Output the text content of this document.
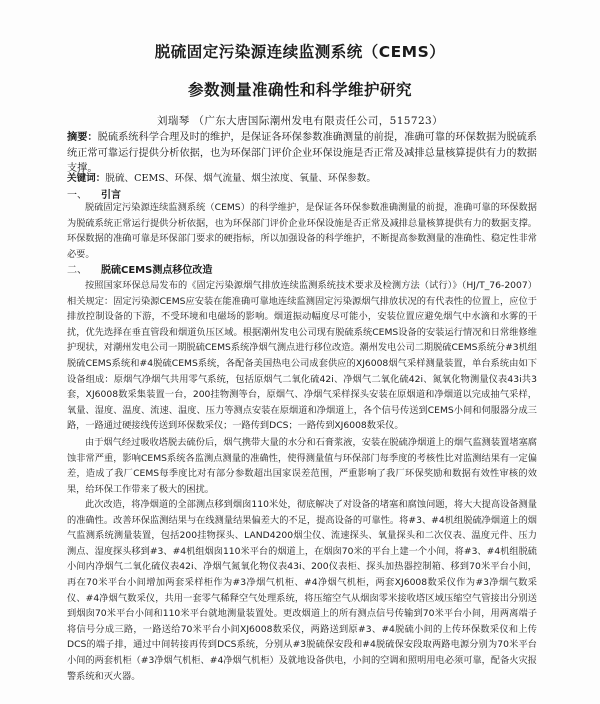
脱硫固定污染源连续监测系统（CEMS）
参数测量准确性和科学维护研究
刘瑞琴 （广东大唐国际潮州发电有限责任公司，515723）
摘要：脱硫系统科学合理及时的维护，是保证各环保参数准确测量的前提，准确可靠的环保数据为脱硫系统正常可靠运行提供分析依据，也为环保部门评价企业环保设施是否正常及减排总量核算提供有力的数据支撑。
关键词：脱硫、CEMS、环保、烟气流量、烟尘浓度、氧量、环保参数。
一、 引言
脱硫固定污染源连续监测系统（CEMS）的科学维护，是保证各环保参数准确测量的前提，准确可靠的环保数据为脱硫系统正常运行提供分析依据，也为环保部门评价企业环保设施是否正常及减排总量核算提供有力的数据支撑。环保数据的准确可靠是环保部门要求的硬指标，所以加强设备的科学维护，不断提高参数测量的准确性、稳定性非常必要。
二、 脱硫CEMS测点移位改造
按照国家环保总局发布的《固定污染源烟气排放连续监测系统技术要求及检测方法（试行）》（HJ/T_76-2007）相关规定：固定污染源CEMS应安装在能准确可靠地连续监测固定污染源烟气排放状况的有代表性的位置上，应位于排放控制设备的下游，不受环境和电磁场的影响。烟道振动幅度尽可能小，安装位置应避免烟气中水滴和水雾的干扰，优先选择在垂直管段和烟道负压区域。根据潮州发电公司现有脱硫系统CEMS设备的安装运行情况和日常维修维护现状，对潮州发电公司一期脱硫CEMS系统净烟气测点进行移位改造。潮州发电公司二期脱硫CEMS系统分#3机组脱硫CEMS系统和#4脱硫CEMS系统，各配备美国热电公司成套供应的XJ6008烟气采样测量装置，单台系统由如下设备组成：原烟气净烟气共用零气系统，包括原烟气二氧化硫42i、净烟气二氧化硫42i、氮氧化物测量仪表43i共3套，XJ6008数采集装置一台，200挂物测等台，原烟气、净烟气采样探头安装在原烟道和净烟道以完成抽气采样，氧量、湿度、温度、流速、温度、压力等测点安装在原烟道和净烟道上，各个信号传送到CEMS小间和伺服器分成三路，一路通过硬接线传送到环保数采仪；一路传到DCS；一路传到XJ6008数采仪。
由于烟气经过吸收塔脱去硫份后，烟气携带大量的水分和石膏浆液，安装在脱硫净烟道上的烟气监测装置堵塞腐蚀非常严重，影响CEMS系统各监测点测量的准确性，使得测量值与环保部门每季度的考核性比对监测结果有一定偏差，造成了我厂CEMS每季度比对有部分参数超出国家误差范围，严重影响了我厂环保奖励和数据有效性审核的效果，给环保工作带来了极大的困扰。
此次改造，将净烟道的全部测点移到烟囱110米处，彻底解决了对设备的堵塞和腐蚀问题，将大大提高设备测量的准确性。改善环保监测结果与在线测量结果偏差大的不足，提高设备的可靠性。将#3、#4机组脱硫净烟道上的烟气监测系统测量装置，包括200挂物探头、LAND4200烟尘仪、流速探头、氧量探头和二次仪表、温度元件、压力测点、湿度探头移到#3、#4机组烟囱110米平台的烟道上，在烟囱70米的平台上建一个小间，将#3、#4机组脱硫小间内净烟气二氧化硫仪表42i、净烟气氮氧化物仪表43i、200仪表柜、探头加热器控制箱、移到70米平台小间，再在70米平台小间增加两套采样柜作为#3净烟气机柜、#4净烟气机柜，两套XJ6008数采仪作为#3净烟气数采仪、#4净烟气数采仪，共用一套零气稀释空气处理系统，将压缩空气从烟囱零米接收塔区域压缩空气管接出分别送到烟囱70米平台小间和110米平台就地测量装置处。更改烟道上的所有测点信号传输到70米平台小间，用两离端子将信号分成三路，一路送给70米平台小间XJ6008数采仪，两路送到原#3、#4脱硫小间的上传环保数采仪和上传DCS的端子排，通过中间转接再传到DCS系统，分别从#3脱硫保安段和#4脱硫保安段取两路电源分别为70米平台小间的两套机柜（#3净烟气机柜、#4净烟气机柜）及就地设备供电，小间的空调和照明用电必须可靠，配备火灾报警系统和灭火器。
